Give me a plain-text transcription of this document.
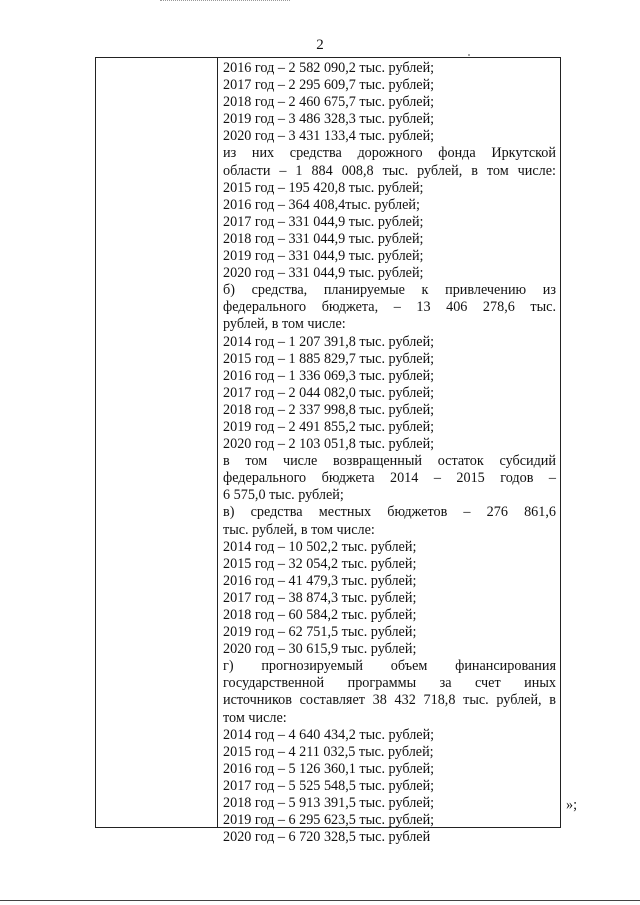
2
2016 год – 2 582 090,2 тыс. рублей;
2017 год – 2 295 609,7 тыс. рублей;
2018 год – 2 460 675,7 тыс. рублей;
2019 год – 3 486 328,3 тыс. рублей;
2020 год – 3 431 133,4 тыс. рублей;
из них средства дорожного фонда Иркутской
области – 1 884 008,8 тыс. рублей, в том числе:
2015 год – 195 420,8 тыс. рублей;
2016 год – 364 408,4тыс. рублей;
2017 год – 331 044,9 тыс. рублей;
2018 год – 331 044,9 тыс. рублей;
2019 год – 331 044,9 тыс. рублей;
2020 год – 331 044,9 тыс. рублей;
б) средства, планируемые к привлечению из
федерального бюджета, – 13 406 278,6 тыс.
рублей, в том числе:
2014 год – 1 207 391,8 тыс. рублей;
2015 год – 1 885 829,7 тыс. рублей;
2016 год – 1 336 069,3 тыс. рублей;
2017 год – 2 044 082,0 тыс. рублей;
2018 год – 2 337 998,8 тыс. рублей;
2019 год – 2 491 855,2 тыс. рублей;
2020 год – 2 103 051,8 тыс. рублей;
в том числе возвращенный остаток субсидий
федерального бюджета 2014 – 2015 годов –
6 575,0 тыс. рублей;
в) средства местных бюджетов – 276 861,6
тыс. рублей, в том числе:
2014 год – 10 502,2 тыс. рублей;
2015 год – 32 054,2 тыс. рублей;
2016 год – 41 479,3 тыс. рублей;
2017 год – 38 874,3 тыс. рублей;
2018 год – 60 584,2 тыс. рублей;
2019 год – 62 751,5 тыс. рублей;
2020 год – 30 615,9 тыс. рублей;
г) прогнозируемый объем финансирования
государственной программы за счет иных
источников составляет 38 432 718,8 тыс. рублей, в
том числе:
2014 год – 4 640 434,2 тыс. рублей;
2015 год – 4 211 032,5 тыс. рублей;
2016 год – 5 126 360,1 тыс. рублей;
2017 год – 5 525 548,5 тыс. рублей;
2018 год – 5 913 391,5 тыс. рублей;
2019 год – 6 295 623,5 тыс. рублей;
2020 год – 6 720 328,5 тыс. рублей
»;
